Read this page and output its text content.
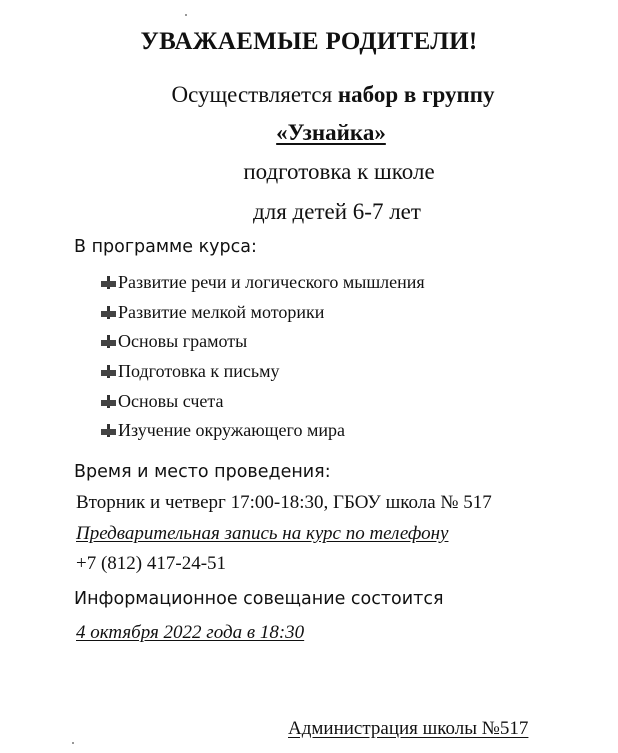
УВАЖАЕМЫЕ РОДИТЕЛИ!
Осуществляется набор в группу
«Узнайка»
подготовка к школе
для детей 6-7 лет
В программе курса:
Развитие речи и логического мышления
Развитие мелкой моторики
Основы грамоты
Подготовка к письму
Основы счета
Изучение окружающего мира
Время и место проведения:
Вторник и четверг 17:00-18:30, ГБОУ школа № 517
Предварительная запись на курс по телефону
+7 (812) 417-24-51
Информационное совещание состоится
4 октября 2022 года в 18:30
Администрация школы №517
